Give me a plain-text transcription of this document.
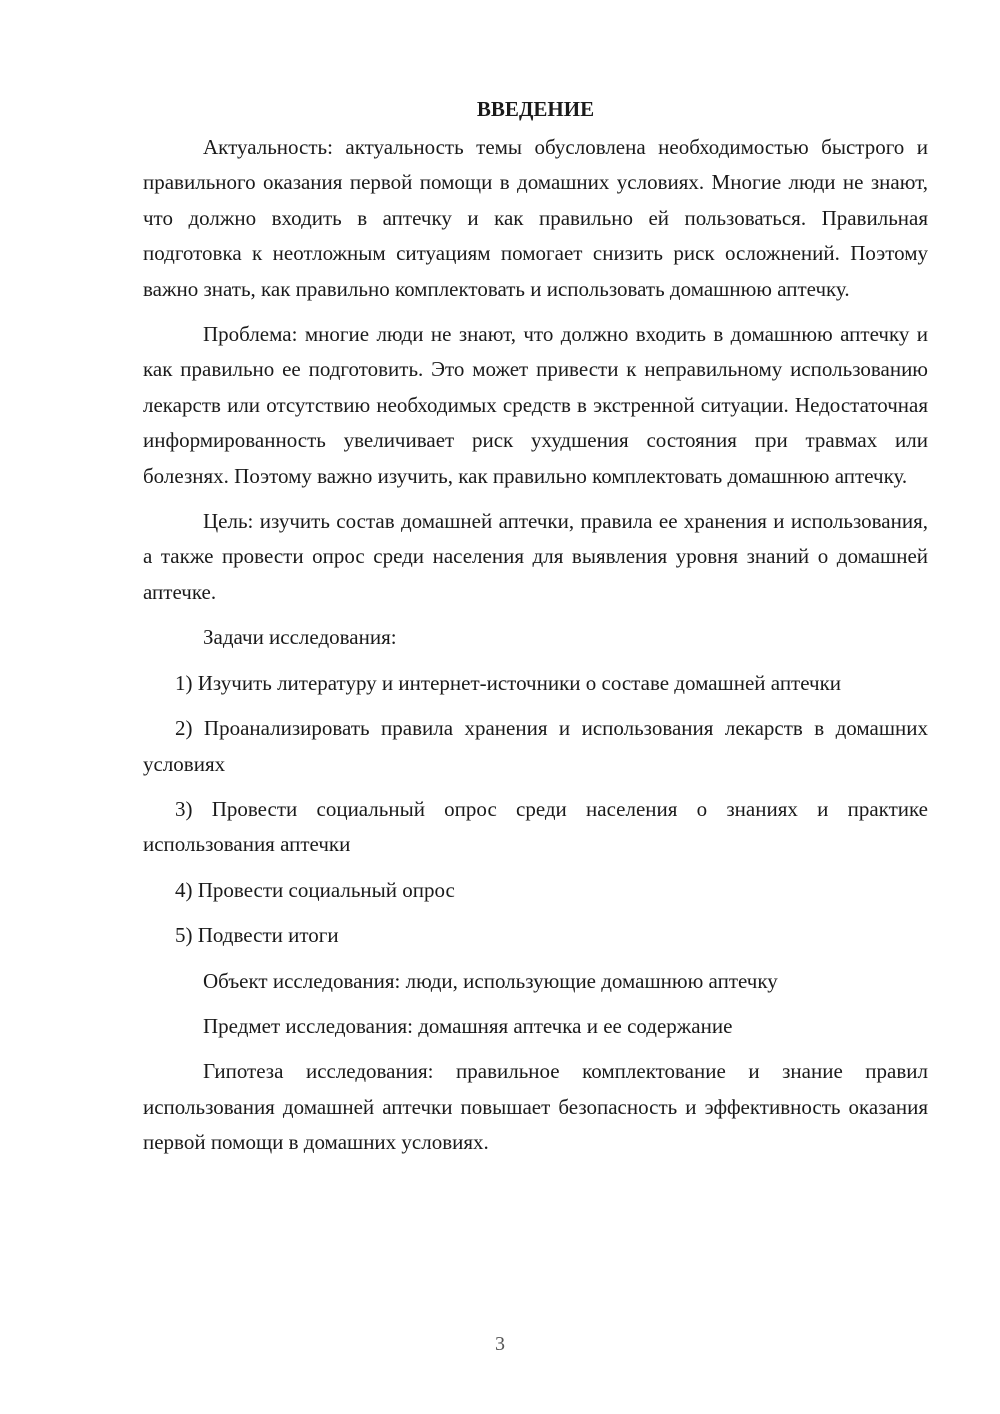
ВВЕДЕНИЕ

Актуальность: актуальность темы обусловлена необходимостью быстрого и правильного оказания первой помощи в домашних условиях. Многие люди не знают, что должно входить в аптечку и как правильно ей пользоваться. Правильная подготовка к неотложным ситуациям помогает снизить риск осложнений. Поэтому важно знать, как правильно комплектовать и использовать домашнюю аптечку.

Проблема: многие люди не знают, что должно входить в домашнюю аптечку и как правильно ее подготовить. Это может привести к неправильному использованию лекарств или отсутствию необходимых средств в экстренной ситуации. Недостаточная информированность увеличивает риск ухудшения состояния при травмах или болезнях. Поэтому важно изучить, как правильно комплектовать домашнюю аптечку.

Цель: изучить состав домашней аптечки, правила ее хранения и использования, а также провести опрос среди населения для выявления уровня знаний о домашней аптечке.

Задачи исследования:

1) Изучить литературу и интернет-источники о составе домашней аптечки

2) Проанализировать правила хранения и использования лекарств в домашних условиях

3) Провести социальный опрос среди населения о знаниях и практике использования аптечки

4) Провести социальный опрос

5) Подвести итоги

Объект исследования: люди, использующие домашнюю аптечку

Предмет исследования: домашняя аптечка и ее содержание

Гипотеза исследования: правильное комплектование и знание правил использования домашней аптечки повышает безопасность и эффективность оказания первой помощи в домашних условиях.

3
